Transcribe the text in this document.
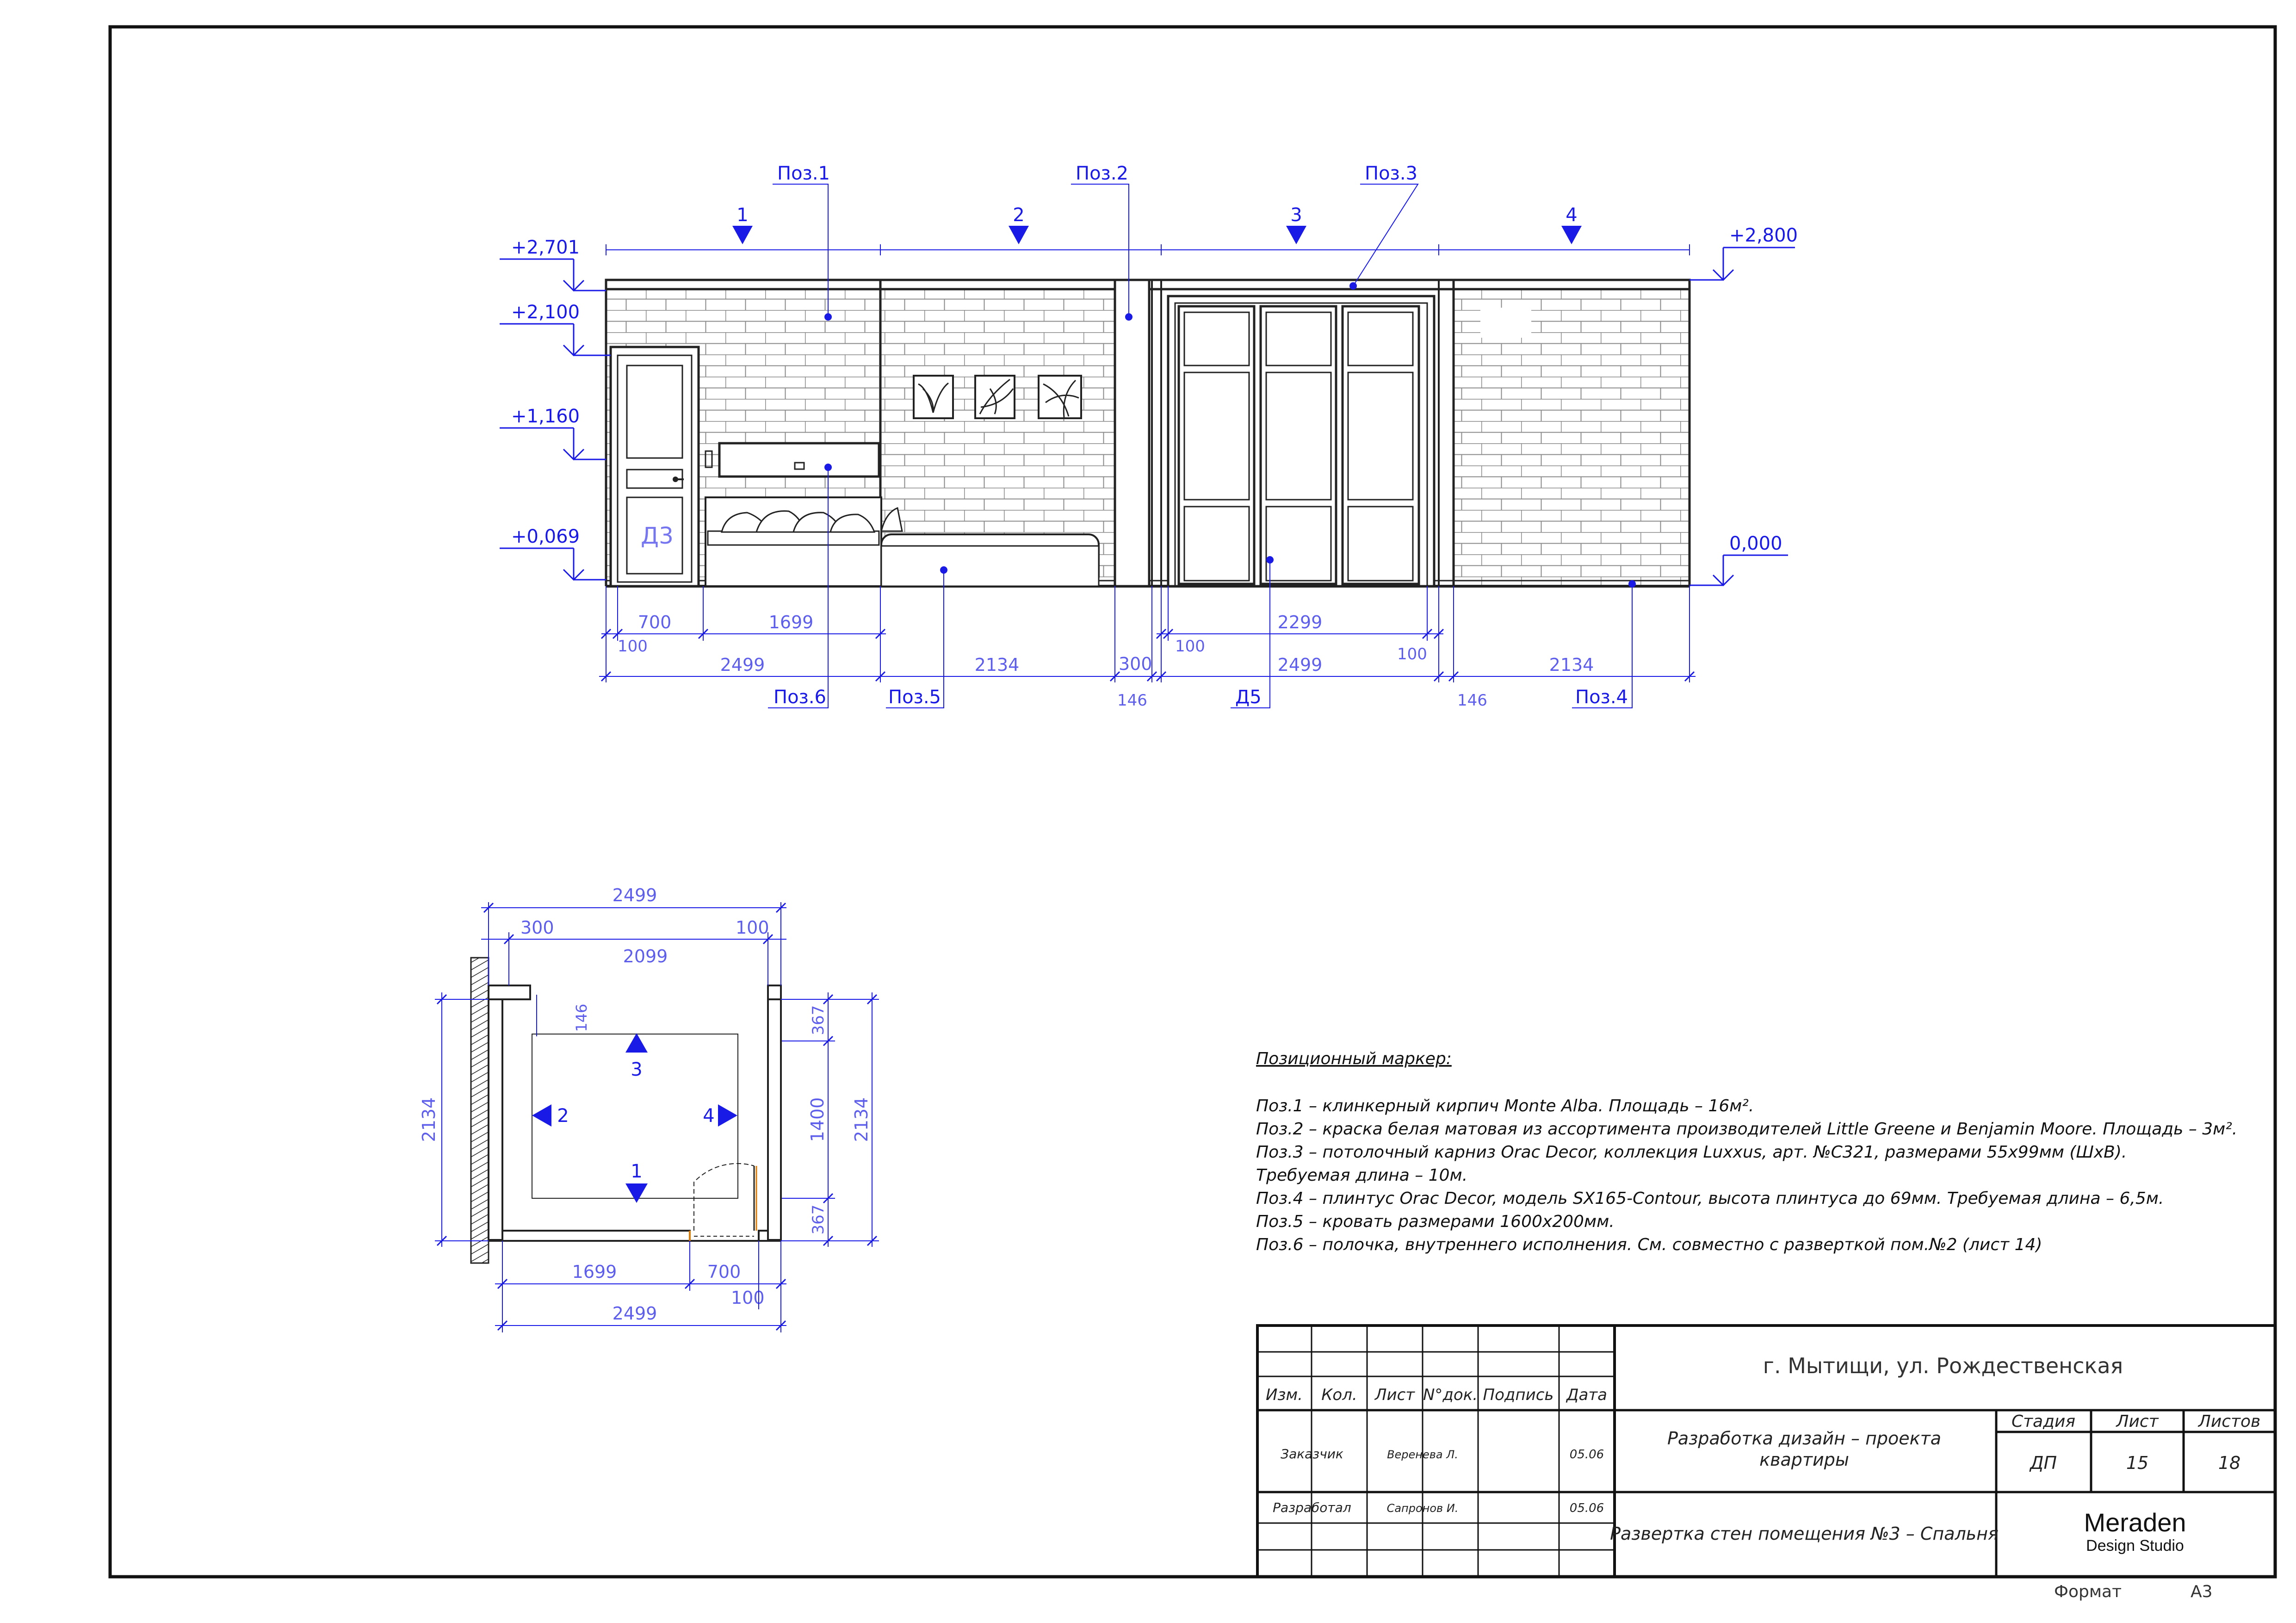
+2,701
+2,100
+1,160
+0,069
+2,800
0,000
1	2	3	4
Поз.1	Поз.2	Поз.3
Поз.6	Поз.5	Поз.4
Д5
Д3
700	1699
100
300
146
100
2299
100
146
2499	2134	2499	2134
3
2	4
1
2499
300	100
2099
1699	700
100
2499
2134
367
1400
367
2134
146
Позиционный маркер:
Поз.1 – клинкерный кирпич Monte Alba. Площадь – 16м².
Поз.2 – краска белая матовая из ассортимента производителей Little Greene и Benjamin Moore. Площадь – 3м².
Поз.3 – потолочный карниз Orac Decor, коллекция Luxxus, арт. №C321, размерами 55х99мм (ШхВ).
Требуемая длина – 10м.
Поз.4 – плинтус Orac Decor, модель SX165-Contour, высота плинтуса до 69мм. Требуемая длина – 6,5м.
Поз.5 – кровать размерами 1600х200мм.
Поз.6 – полочка, внутреннего исполнения. См. совместно с разверткой пом.№2 (лист 14)
г. Мытищи, ул. Рождественская
Изм. Кол. Лист N°док. Подпись Дата
Заказчик	Веренева Л.	05.06
Разработал	Сапронов И.	05.06
Разработка дизайн – проекта
квартиры
Развертка стен помещения №3 – Спальня
Стадия Лист Листов
ДП	15	18
Meraden
Design Studio
Формат	А3
